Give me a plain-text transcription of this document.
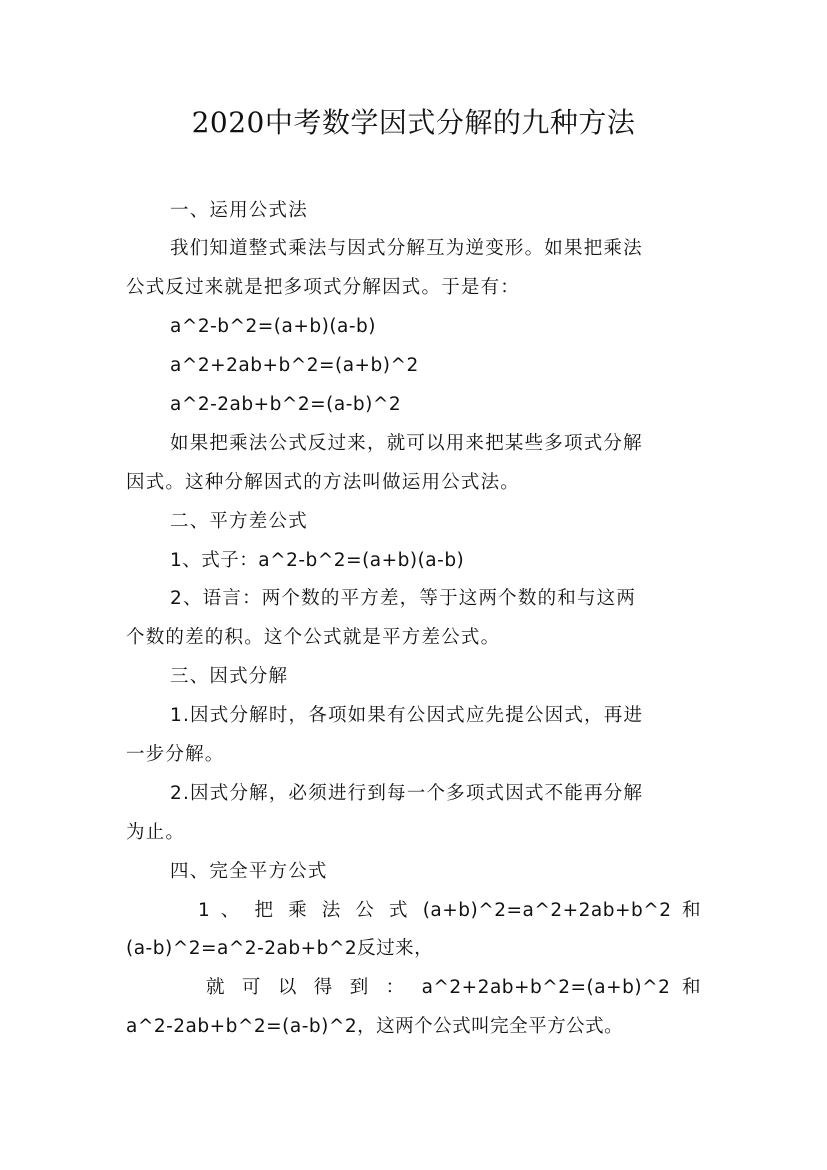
2020中考数学因式分解的九种方法
一、运用公式法
我们知道整式乘法与因式分解互为逆变形。如果把乘法
公式反过来就是把多项式分解因式。于是有：
a^2-b^2=(a+b)(a-b)
a^2+2ab+b^2=(a+b)^2
a^2-2ab+b^2=(a-b)^2
如果把乘法公式反过来，就可以用来把某些多项式分解
因式。这种分解因式的方法叫做运用公式法。
二、平方差公式
1、式子：a^2-b^2=(a+b)(a-b)
2、语言：两个数的平方差，等于这两个数的和与这两
个数的差的积。这个公式就是平方差公式。
三、因式分解
1.因式分解时，各项如果有公因式应先提公因式，再进
一步分解。
2.因式分解，必须进行到每一个多项式因式不能再分解
为止。
四、完全平方公式
1 、 把 乘 法 公 式 (a+b)^2=a^2+2ab+b^2 和
(a-b)^2=a^2-2ab+b^2反过来，
就 可 以 得 到 ： a^2+2ab+b^2=(a+b)^2 和
a^2-2ab+b^2=(a-b)^2，这两个公式叫完全平方公式。
